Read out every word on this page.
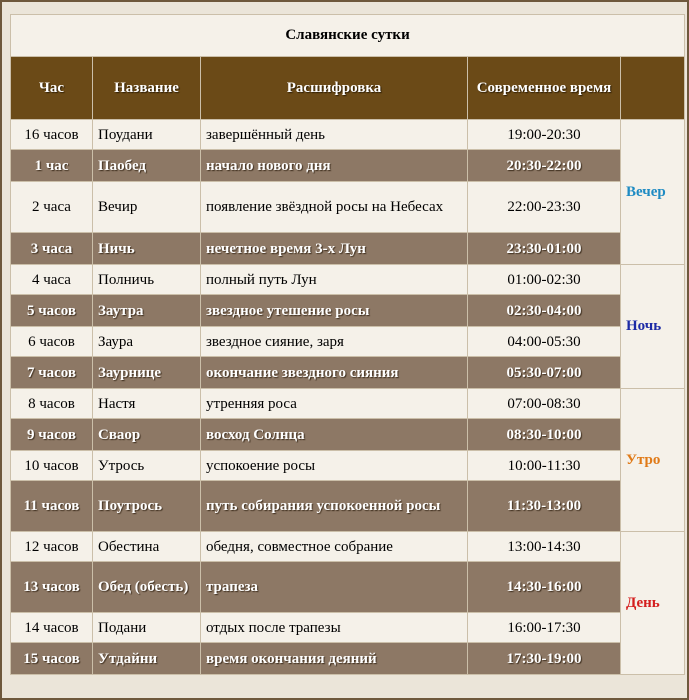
Славянские сутки				
Час	Название	Расшифровка	Современное время	
16 часов	Поудани	завершённый день	19:00-20:30	Вечер
1 час	Паобед	начало нового дня	20:30-22:00	
2 часа	Вечир	появление звёздной росы на Небесах	22:00-23:30	
3 часа	Ничь	нечетное время 3-х Лун	23:30-01:00	
4 часа	Полничь	полный путь Лун	01:00-02:30	Ночь
5 часов	Заутра	звездное утешение росы	02:30-04:00	
6 часов	Заура	звездное сияние, заря	04:00-05:30	
7 часов	Заурнице	окончание звездного сияния	05:30-07:00	
8 часов	Настя	утренняя роса	07:00-08:30	Утро
9 часов	Сваор	восход Солнца	08:30-10:00	
10 часов	Утрось	успокоение росы	10:00-11:30	
11 часов	Поутрось	путь собирания успокоенной росы	11:30-13:00	
12 часов	Обестина	обедня, совместное собрание	13:00-14:30	День
13 часов	Обед (обесть)	трапеза	14:30-16:00	
14 часов	Подани	отдых после трапезы	16:00-17:30	
15 часов	Утдайни	время окончания деяний	17:30-19:00	
